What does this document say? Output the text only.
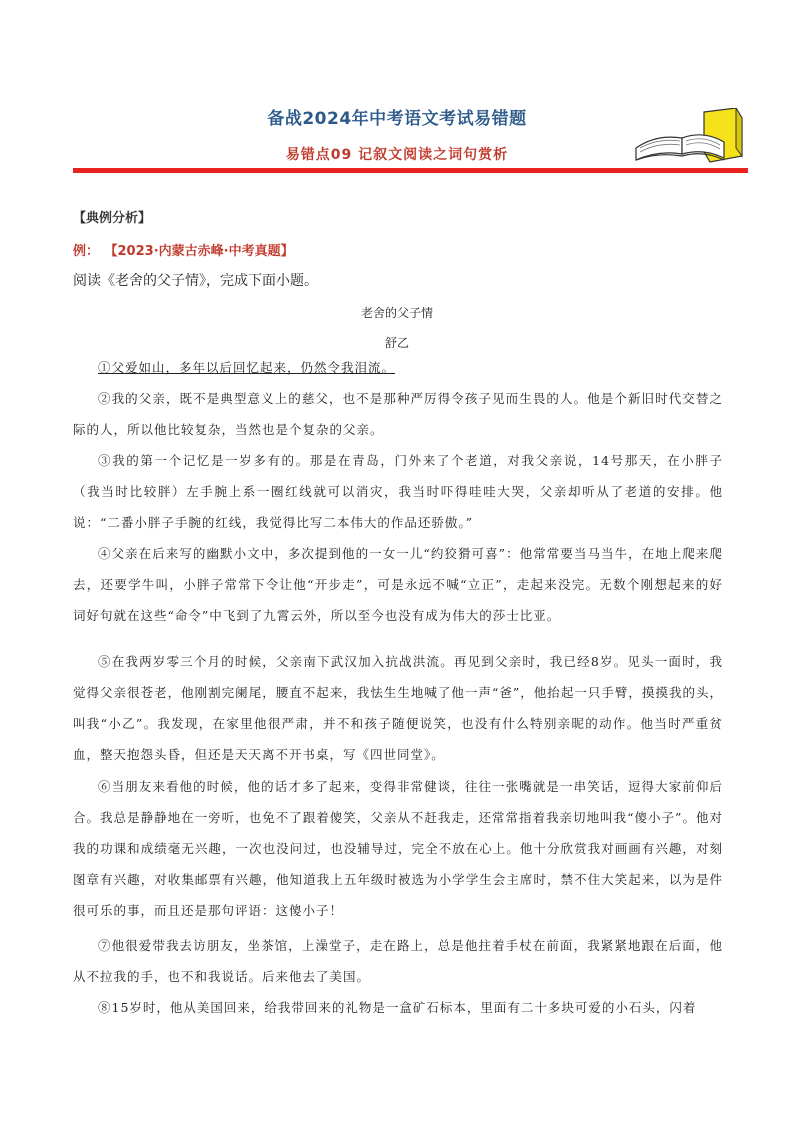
备战2024年中考语文考试易错题
易错点09 记叙文阅读之词句赏析
【典例分析】
例： 【2023·内蒙古赤峰·中考真题】
阅读《老舍的父子情》，完成下面小题。
老舍的父子情
舒乙

①父爱如山，多年以后回忆起来，仍然令我泪流。

②我的父亲，既不是典型意义上的慈父，也不是那种严厉得令孩子见而生畏的人。他是个新旧时代交替之际的人，所以他比较复杂，当然也是个复杂的父亲。

③我的第一个记忆是一岁多有的。那是在青岛，门外来了个老道，对我父亲说，14号那天，在小胖子（我当时比较胖）左手腕上系一圈红线就可以消灾，我当时吓得哇哇大哭，父亲却听从了老道的安排。他说：“二番小胖子手腕的红线，我觉得比写二本伟大的作品还骄傲。”

④父亲在后来写的幽默小文中，多次提到他的一女一儿“约狡猾可喜”：他常常要当马当牛，在地上爬来爬去，还要学牛叫，小胖子常常下令让他“开步走”，可是永远不喊“立正”，走起来没完。无数个刚想起来的好词好句就在这些“命令”中飞到了九霄云外，所以至今也没有成为伟大的莎士比亚。

⑤在我两岁零三个月的时候，父亲南下武汉加入抗战洪流。再见到父亲时，我已经8岁。见头一面时，我觉得父亲很苍老，他刚割完阑尾，腰直不起来，我怯生生地喊了他一声“爸”，他抬起一只手臂，摸摸我的头，叫我“小乙”。我发现，在家里他很严肃，并不和孩子随便说笑，也没有什么特别亲昵的动作。他当时严重贫血，整天抱怨头昏，但还是天天离不开书桌，写《四世同堂》。

⑥当朋友来看他的时候，他的话才多了起来，变得非常健谈，往往一张嘴就是一串笑话，逗得大家前仰后合。我总是静静地在一旁听，也免不了跟着傻笑，父亲从不赶我走，还常常指着我亲切地叫我“傻小子”。他对我的功课和成绩毫无兴趣，一次也没问过，也没辅导过，完全不放在心上。他十分欣赏我对画画有兴趣，对刻图章有兴趣，对收集邮票有兴趣，他知道我上五年级时被选为小学学生会主席时，禁不住大笑起来，以为是件很可乐的事，而且还是那句评语：这傻小子！

⑦他很爱带我去访朋友，坐茶馆，上澡堂子，走在路上，总是他拄着手杖在前面，我紧紧地跟在后面，他从不拉我的手，也不和我说话。后来他去了美国。

⑧15岁时，他从美国回来，给我带回来的礼物是一盒矿石标本，里面有二十多块可爱的小石头，闪着
